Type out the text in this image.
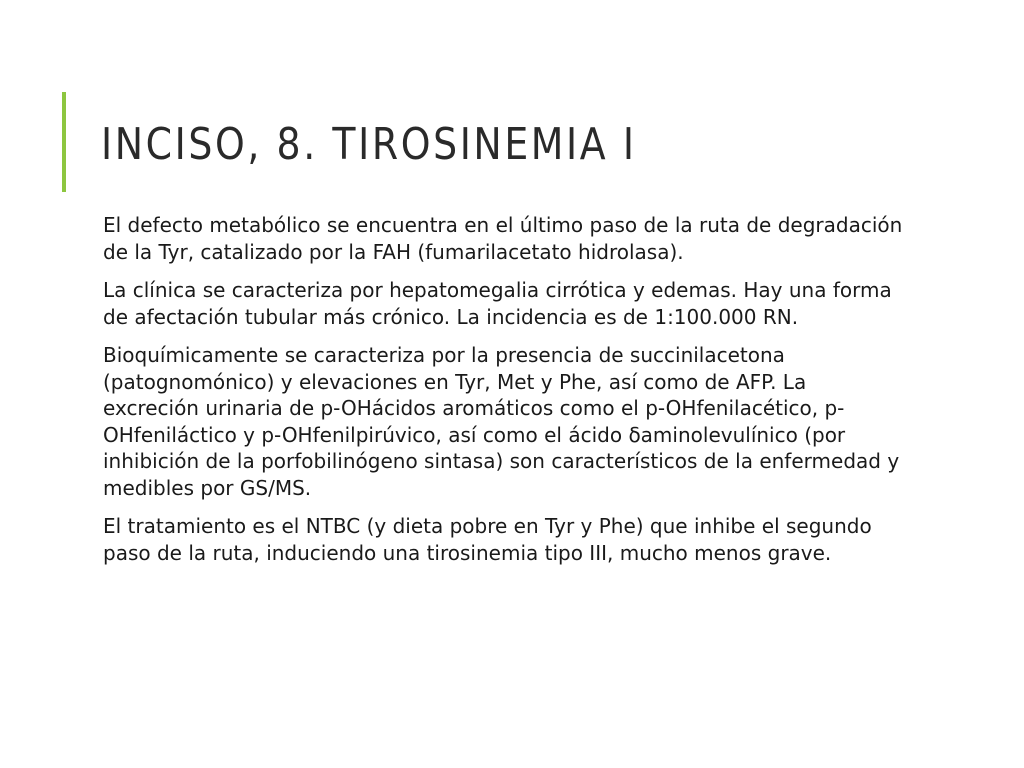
INCISO, 8. TIROSINEMIA I

El defecto metabólico se encuentra en el último paso de la ruta de degradación de la Tyr, catalizado por la FAH (fumarilacetato hidrolasa).

La clínica se caracteriza por hepatomegalia cirrótica y edemas. Hay una forma de afectación tubular más crónico. La incidencia es de 1:100.000 RN.

Bioquímicamente se caracteriza por la presencia de succinilacetona (patognomónico) y elevaciones en Tyr, Met y Phe, así como de AFP. La excreción urinaria de p-OHácidos aromáticos como el p-OHfenilacético, p-OHfeniláctico y p-OHfenilpirúvico, así como el ácido δaminolevulínico (por inhibición de la porfobilinógeno sintasa) son característicos de la enfermedad y medibles por GS/MS.

El tratamiento es el NTBC (y dieta pobre en Tyr y Phe) que inhibe el segundo paso de la ruta, induciendo una tirosinemia tipo III, mucho menos grave.
